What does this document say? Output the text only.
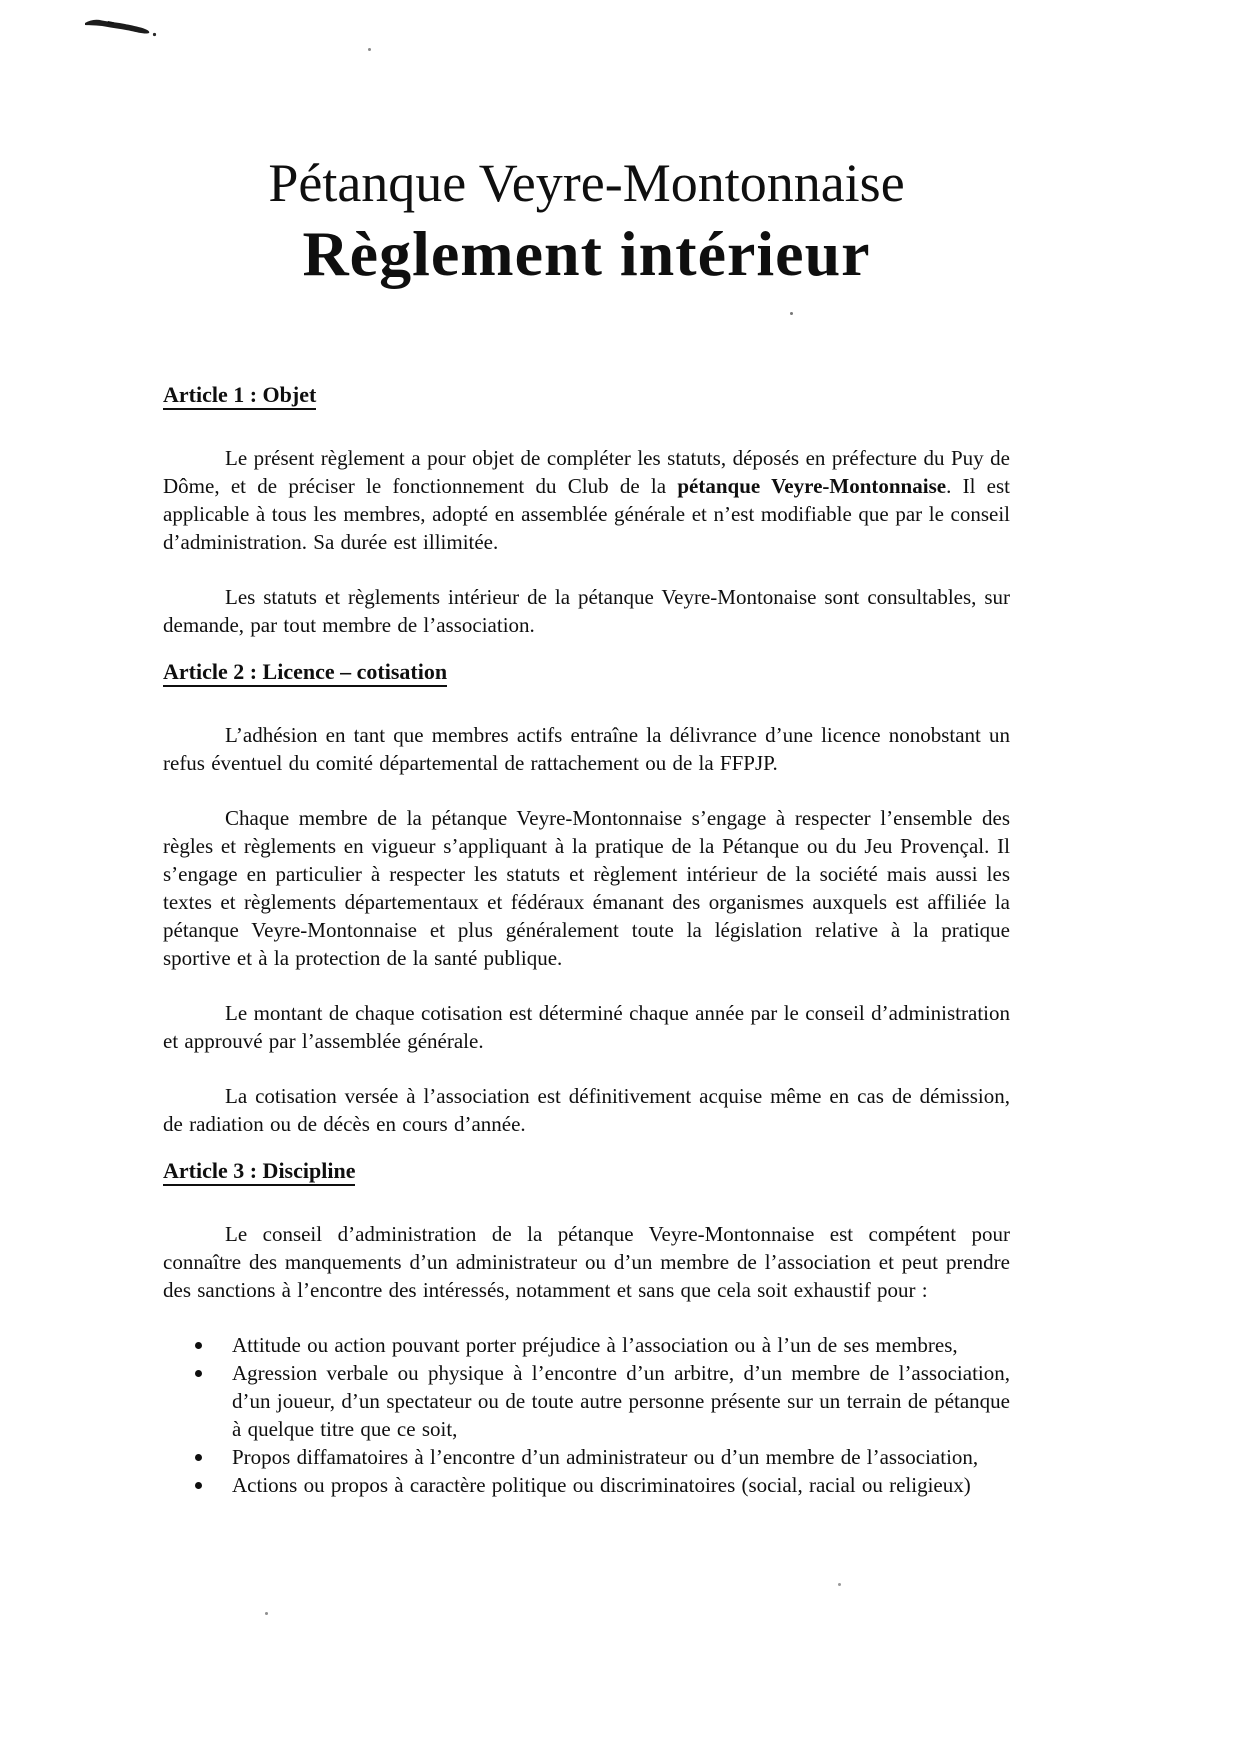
Pétanque Veyre-Montonnaise
Règlement intérieur
Article 1 : Objet

Le présent règlement a pour objet de compléter les statuts, déposés en préfecture du Puy de Dôme, et de préciser le fonctionnement du Club de la pétanque Veyre-Montonnaise. Il est applicable à tous les membres, adopté en assemblée générale et n’est modifiable que par le conseil d’administration. Sa durée est illimitée.

Les statuts et règlements intérieur de la pétanque Veyre-Montonaise sont consultables, sur demande, par tout membre de l’association.

Article 2 : Licence – cotisation

L’adhésion en tant que membres actifs entraîne la délivrance d’une licence nonobstant un refus éventuel du comité départemental de rattachement ou de la FFPJP.

Chaque membre de la pétanque Veyre-Montonnaise s’engage à respecter l’ensemble des règles et règlements en vigueur s’appliquant à la pratique de la Pétanque ou du Jeu Provençal. Il s’engage en particulier à respecter les statuts et règlement intérieur de la société mais aussi les textes et règlements départementaux et fédéraux émanant des organismes auxquels est affiliée la pétanque Veyre-Montonnaise et plus généralement toute la législation relative à la pratique sportive et à la protection de la santé publique.

Le montant de chaque cotisation est déterminé chaque année par le conseil d’administration et approuvé par l’assemblée générale.

La cotisation versée à l’association est définitivement acquise même en cas de démission, de radiation ou de décès en cours d’année.

Article 3 : Discipline

Le conseil d’administration de la pétanque Veyre-Montonnaise est compétent pour connaître des manquements d’un administrateur ou d’un membre de l’association et peut prendre des sanctions à l’encontre des intéressés, notamment et sans que cela soit exhaustif pour :

Attitude ou action pouvant porter préjudice à l’association ou à l’un de ses membres,
Agression verbale ou physique à l’encontre d’un arbitre, d’un membre de l’association, d’un joueur, d’un spectateur ou de toute autre personne présente sur un terrain de pétanque à quelque titre que ce soit,
Propos diffamatoires à l’encontre d’un administrateur ou d’un membre de l’association,
Actions ou propos à caractère politique ou discriminatoires (social, racial ou religieux)
